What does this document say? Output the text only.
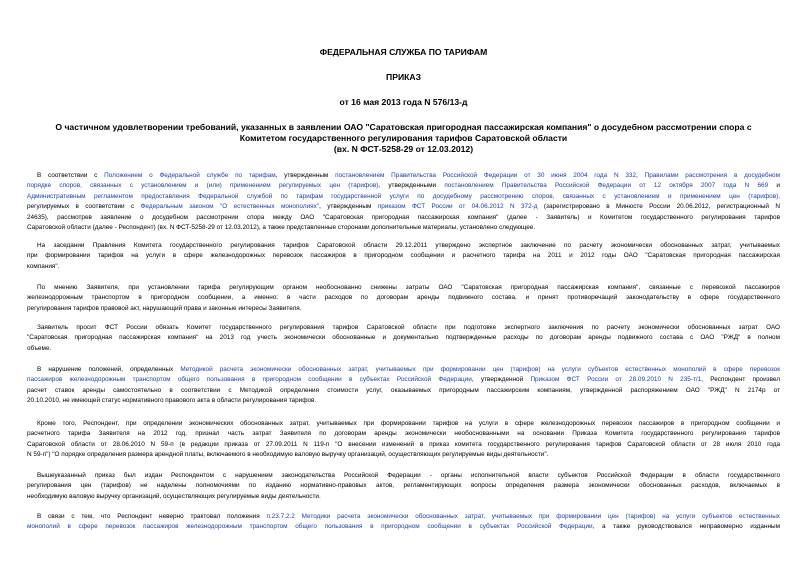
ФЕДЕРАЛЬНАЯ СЛУЖБА ПО ТАРИФАМ
ПРИКАЗ
от 16 мая 2013 года N 576/13-д
О частичном удовлетворении требований, указанных в заявлении ОАО "Саратовская пригородная пассажирская компания" о досудебном рассмотрении спора с
Комитетом государственного регулирования тарифов Саратовской области
(вх. N ФСТ-5258-29 от 12.03.2012)
В соответствии с Положением о Федеральной службе по тарифам, утвержденным постановлением Правительства Российской Федерации от 30 июня 2004 года N 332, Правилами рассмотрения в досудебном
порядке споров, связанных с установлением и (или) применением регулируемых цен (тарифов), утвержденными постановлением Правительства Российской Федерации от 12 октября 2007 года N 669 и
Административным регламентом предоставления Федеральной службой по тарифам государственной услуги по досудебному рассмотрению споров, связанных с установлением и применением цен (тарифов),
регулируемых в соответствии с Федеральным законом "О естественных монополиях", утвержденным приказом ФСТ России от 04.06.2012 N 372-д (зарегистрировано в Минюсте России 20.06.2012, регистрационный N
24635), рассмотрев заявление о досудебном рассмотрении спора между ОАО "Саратовская пригородная пассажирская компания" (далее - Заявитель) и Комитетом государственного регулирования тарифов
Саратовской области (далее - Респондент) (вх. N ФСТ-5258-29 от 12.03.2012), а также представленные сторонами дополнительные материалы, установлено следующее.
На заседании Правления Комитета государственного регулирования тарифов Саратовской области 29.12.2011 утверждено экспертное заключение по расчету экономически обоснованных затрат, учитываемых
при формировании тарифов на услуги в сфере железнодорожных перевозок пассажиров в пригородном сообщении и расчетного тарифа на 2011 и 2012 годы ОАО "Саратовская пригородная пассажирская
компания".
По мнению Заявителя, при установлении тарифа регулирующим органом необоснованно снижены затраты ОАО "Саратовская пригородная пассажирская компания", связанные с перевозкой пассажиров
железнодорожным транспортом в пригородном сообщении, а именно: в части расходов по договорам аренды подвижного состава, и принят противоречащий законодательству в сфере государственного
регулирования тарифов правовой акт, нарушающий права и законные интересы Заявителя.
Заявитель просит ФСТ России обязать Комитет государственного регулирования тарифов Саратовской области при подготовке экспертного заключения по расчету экономически обоснованных затрат ОАО
"Саратовская пригородная пассажирская компания" на 2013 год учесть экономически обоснованные и документально подтвержденные расходы по договорам аренды подвижного состава с ОАО "РЖД" в полном
объеме.
В нарушение положений, определенных Методикой расчета экономически обоснованных затрат, учитываемых при формировании цен (тарифов) на услуги субъектов естественных монополий в сфере перевозок
пассажиров железнодорожным транспортом общего пользования в пригородном сообщении в субъектах Российской Федерации, утвержденной Приказом ФСТ России от 28.09.2010 N 235-т/1, Респондент произвел
расчет ставок аренды самостоятельно в соответствии с Методикой определения стоимости услуг, оказываемых пригородным пассажирским компаниям, утвержденной распоряжением ОАО "РЖД" N 2174р от
20.10.2010, не имеющей статус нормативного правового акта в области регулирования тарифов.
Кроме того, Респондент, при определении экономических обоснованных затрат, учитываемых при формировании тарифов на услуги в сфере железнодорожных перевозок пассажиров в пригородном сообщении и
расчетного тарифа Заявителя на 2012 год, признал часть затрат Заявителя по договорам аренды экономически необоснованными на основании Приказа Комитета государственного регулирования тарифов
Саратовской области от 28.06.2010 N 59-п (в редакции приказа от 27.09.2011 N 119-п "О внесении изменений в приказ комитета государственного регулирования тарифов Саратовской области от 28 июля 2010 года
N 59-п") "О порядке определения размера арендной платы, включаемого в необходимую валовую выручку организаций, осуществляющих регулируемые виды деятельности".
Вышеуказанный приказ был издан Респондентом с нарушением законодательства Российской Федерации - органы исполнительной власти субъектов Российской Федерации в области государственного
регулирования цен (тарифов) не наделены полномочиями по изданию нормативно-правовых актов, регламентирующих вопросы определения размера экономически обоснованных расходов, включаемых в
необходимую валовую выручку организаций, осуществляющих регулируемые виды деятельности.
В связи с тем, что Респондент неверно трактовал положения п.23.7.2.2 Методики расчета экономически обоснованных затрат, учитываемых при формировании цен (тарифов) на услуги субъектов естественных
монополий в сфере перевозок пассажиров железнодорожным транспортом общего пользования в пригородном сообщении в субъектах Российской Федерации, а также руководствовался неправомерно изданным
